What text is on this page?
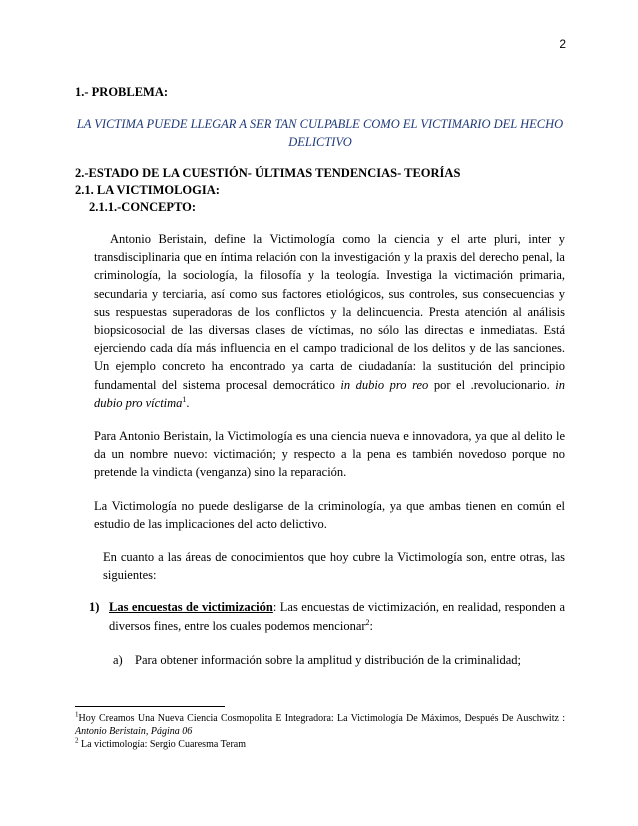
2

1.- PROBLEMA:

LA VICTIMA PUEDE LLEGAR A SER TAN CULPABLE COMO EL VICTIMARIO DEL HECHO DELICTIVO

2.-ESTADO DE LA CUESTIÓN- ÚLTIMAS TENDENCIAS- TEORÍAS

2.1. LA VICTIMOLOGIA:

2.1.1.-CONCEPTO:

Antonio Beristain, define la Victimología como la ciencia y el arte pluri, inter y transdisciplinaria que en íntima relación con la investigación y la praxis del derecho penal, la criminología, la sociología, la filosofía y la teología. Investiga la victimación primaria, secundaria y terciaria, así como sus factores etiológicos, sus controles, sus consecuencias y sus respuestas superadoras de los conflictos y la delincuencia. Presta atención al análisis biopsicosocial de las diversas clases de víctimas, no sólo las directas e inmediatas. Está ejerciendo cada día más influencia en el campo tradicional de los delitos y de las sanciones. Un ejemplo concreto ha encontrado ya carta de ciudadanía: la sustitución del principio fundamental del sistema procesal democrático in dubio pro reo por el .revolucionario. in dubio pro víctima$^1$.

Para Antonio Beristain, la Victimología es una ciencia nueva e innovadora, ya que al delito le da un nombre nuevo: victimación; y respecto a la pena es también novedoso porque no pretende la vindicta (venganza) sino la reparación.

La Victimología no puede desligarse de la criminología, ya que ambas tienen en común el estudio de las implicaciones del acto delictivo.

En cuanto a las áreas de conocimientos que hoy cubre la Victimología son, entre otras, las siguientes:

1) Las encuestas de victimización: Las encuestas de victimización, en realidad, responden a diversos fines, entre los cuales podemos mencionar$^2$:
a) Para obtener información sobre la amplitud y distribución de la criminalidad;

$^1$Hoy Creamos Una Nueva Ciencia Cosmopolita E Integradora: La Victimología De Máximos, Después De Auschwitz : Antonio Beristain, Página 06

$^2$ La victimología: Sergio Cuaresma Teram
